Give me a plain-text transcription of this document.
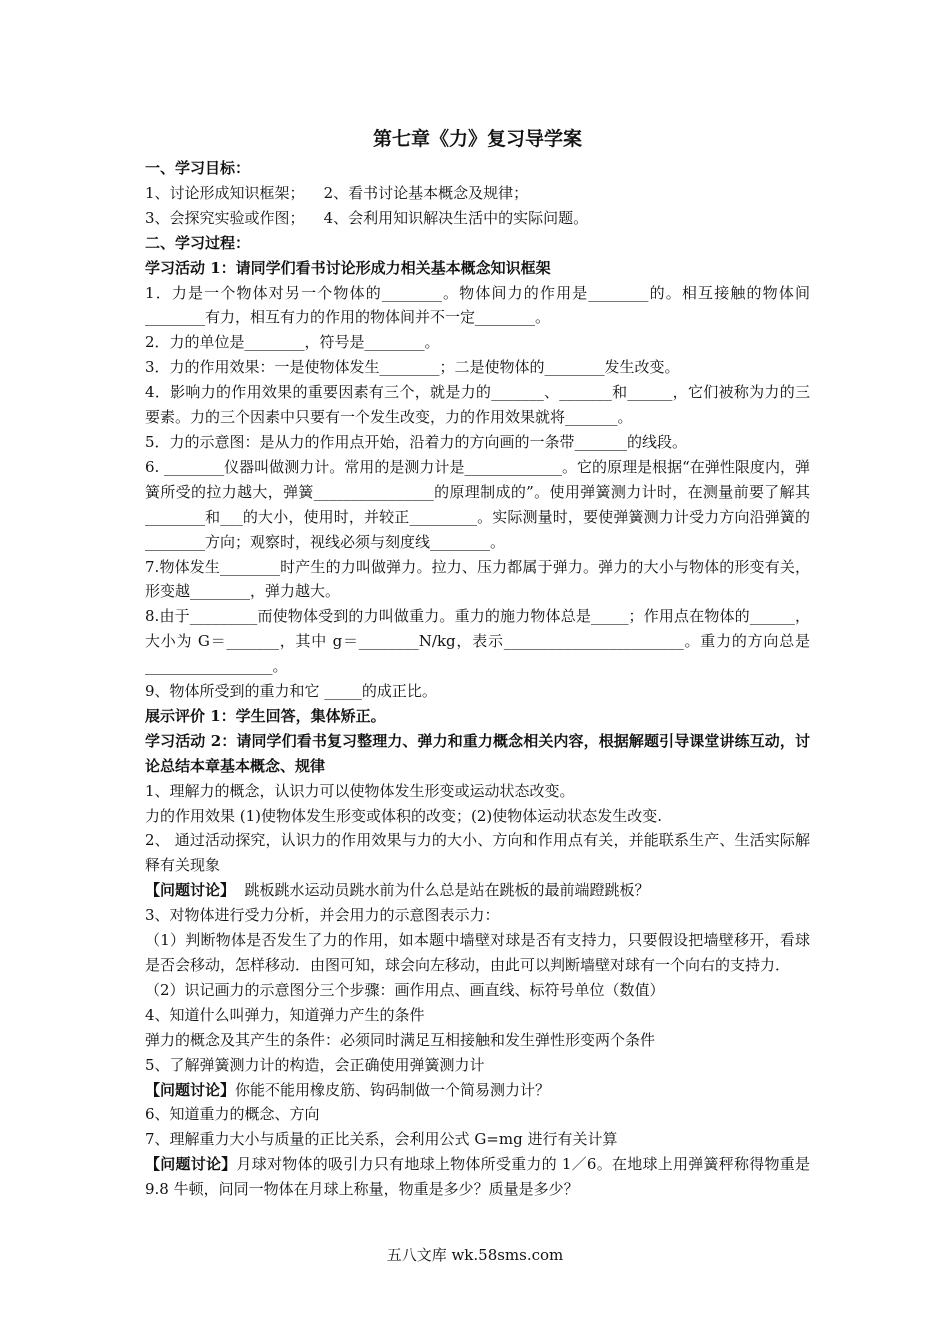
第七章《力》复习导学案
一、学习目标：
1、讨论形成知识框架；    2、看书讨论基本概念及规律；
3、会探究实验或作图；    4、会利用知识解决生活中的实际问题。
二、学习过程：
学习活动 1：请同学们看书讨论形成力相关基本概念知识框架
1．力是一个物体对另一个物体的________。物体间力的作用是________的。相互接触的物体间________有力，相互有力的作用的物体间并不一定________。
2．力的单位是________，符号是________。
3．力的作用效果：一是使物体发生________；二是使物体的________发生改变。
4．影响力的作用效果的重要因素有三个，就是力的_______、_______和______，它们被称为力的三要素。力的三个因素中只要有一个发生改变，力的作用效果就将_______。
5．力的示意图：是从力的作用点开始，沿着力的方向画的一条带_______的线段。
6. ________仪器叫做测力计。常用的是测力计是_____________。它的原理是根据“在弹性限度内，弹簧所受的拉力越大，弹簧________________的原理制成的”。使用弹簧测力计时，在测量前要了解其________和___的大小，使用时，并较正_________。实际测量时，要使弹簧测力计受力方向沿弹簧的________方向；观察时，视线必须与刻度线________。
7.物体发生________时产生的力叫做弹力。拉力、压力都属于弹力。弹力的大小与物体的形变有关，形变越________，弹力越大。
8.由于_________而使物体受到的力叫做重力。重力的施力物体总是_____；作用点在物体的______，大小为 G＝_______，其中 g＝________N/kg，表示________________________。重力的方向总是_________________。
9、物体所受到的重力和它 _____的成正比。
展示评价 1：学生回答，集体矫正。
学习活动 2：请同学们看书复习整理力、弹力和重力概念相关内容，根据解题引导课堂讲练互动，讨论总结本章基本概念、规律
1、理解力的概念，认识力可以使物体发生形变或运动状态改变。
力的作用效果 (1)使物体发生形变或体积的改变；(2)使物体运动状态发生改变.
2、 通过活动探究，认识力的作用效果与力的大小、方向和作用点有关，并能联系生产、生活实际解释有关现象
【问题讨论】  跳板跳水运动员跳水前为什么总是站在跳板的最前端蹬跳板？
3、对物体进行受力分析，并会用力的示意图表示力：
（1）判断物体是否发生了力的作用，如本题中墙壁对球是否有支持力，只要假设把墙壁移开，看球是否会移动，怎样移动．由图可知，球会向左移动，由此可以判断墙壁对球有一个向右的支持力．
（2）识记画力的示意图分三个步骤：画作用点、画直线、标符号单位（数值）
4、知道什么叫弹力，知道弹力产生的条件
弹力的概念及其产生的条件：必须同时满足互相接触和发生弹性形变两个条件
5、了解弹簧测力计的构造，会正确使用弹簧测力计
【问题讨论】你能不能用橡皮筋、钩码制做一个简易测力计？
6、知道重力的概念、方向
7、理解重力大小与质量的正比关系，会利用公式 G=mg 进行有关计算
【问题讨论】月球对物体的吸引力只有地球上物体所受重力的 1／6。在地球上用弹簧秤称得物重是 9.8 牛顿，问同一物体在月球上称量，物重是多少？质量是多少？
五八文库 wk.58sms.com
